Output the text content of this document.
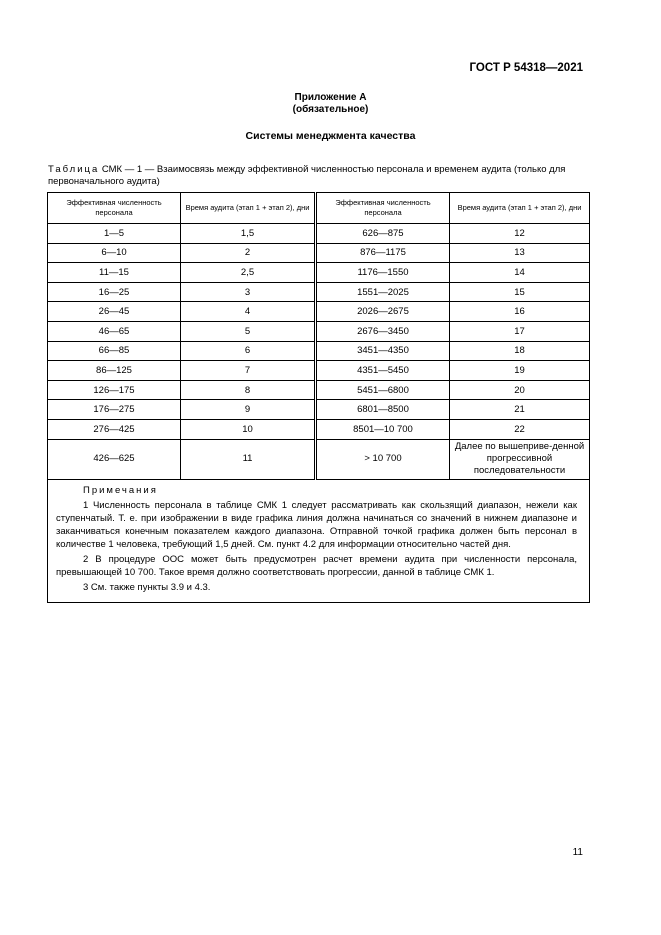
ГОСТ Р 54318—2021
Приложение А
(обязательное)
Системы менеджмента качества
Таблица СМК — 1 — Взаимосвязь между эффективной численностью персонала и временем аудита (только для первоначального аудита)
Эффективная численность персонала	Время аудита (этап 1 + этап 2), дни	Эффективная численность персонала	Время аудита (этап 1 + этап 2), дни
1—5	1,5	626—875	12
6—10	2	876—1175	13
11—15	2,5	1176—1550	14
16—25	3	1551—2025	15
26—45	4	2026—2675	16
46—65	5	2676—3450	17
66—85	6	3451—4350	18
86—125	7	4351—5450	19
126—175	8	5451—6800	20
176—275	9	6801—8500	21
276—425	10	8501—10 700	22
426—625	11	> 10 700	Далее по вышеприве-денной прогрессивной последовательности

Примечания

1 Численность персонала в таблице СМК 1 следует рассматривать как скользящий диапазон, нежели как ступенчатый. Т. е. при изображении в виде графика линия должна начинаться со значений в нижнем диапазоне и заканчиваться конечным показателем каждого диапазона. Отправной точкой графика должен быть персонал в количестве 1 человека, требующий 1,5 дней. См. пункт 4.2 для информации относительно частей дня.

2 В процедуре ООС может быть предусмотрен расчет времени аудита при численности персонала, превышающей 10 700. Такое время должно соответствовать прогрессии, данной в таблице СМК 1.

3 См. также пункты 3.9 и 4.3.			

11
